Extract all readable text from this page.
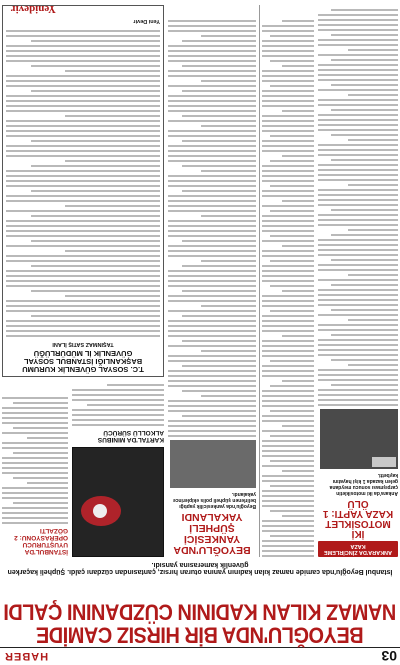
03
HABER
BEYOĞLU'NDA BİR HIRSIZ CAMİDE NAMAZ KILAN KADININ CÜZDANINI ÇALDI
İstanbul Beyoğlu'nda camide namaz kılan kadının yanına oturan hırsız, çantasından cüzdanı çaldı. Şüpheli kaçarken güvenlik kamerasına yansıdı.
ANKARA'DA ZİNCİRLEME KAZA
İKİ MOTOSİKLET KAZA YAPTI: 1 ÖLÜ
Ankara'da iki motosikletin çarpışması sonucu meydana gelen kazada 1 kişi hayatını kaybetti.
BEYOĞLU'NDA YANKESİCİ ŞÜPHELİ YAKALANDI
Beyoğlu'nda yankesicilik yaptığı belirlenen şüpheli polis ekiplerince yakalandı.
İSTANBUL'DA UYUŞTURUCU OPERASYONU: 2 GÖZALTI
KARTAL'DA MINIBÜS ALKOLLÜ SÜRÜCÜ
T.C. SOSYAL GÜVENLİK KURUMU BAŞKANLIĞI İSTANBUL SOSYAL GÜVENLİK İL MÜDÜRLÜĞÜ
TAŞINMAZ SATIŞ İLANI
Yeni Devir
Yenidevir
